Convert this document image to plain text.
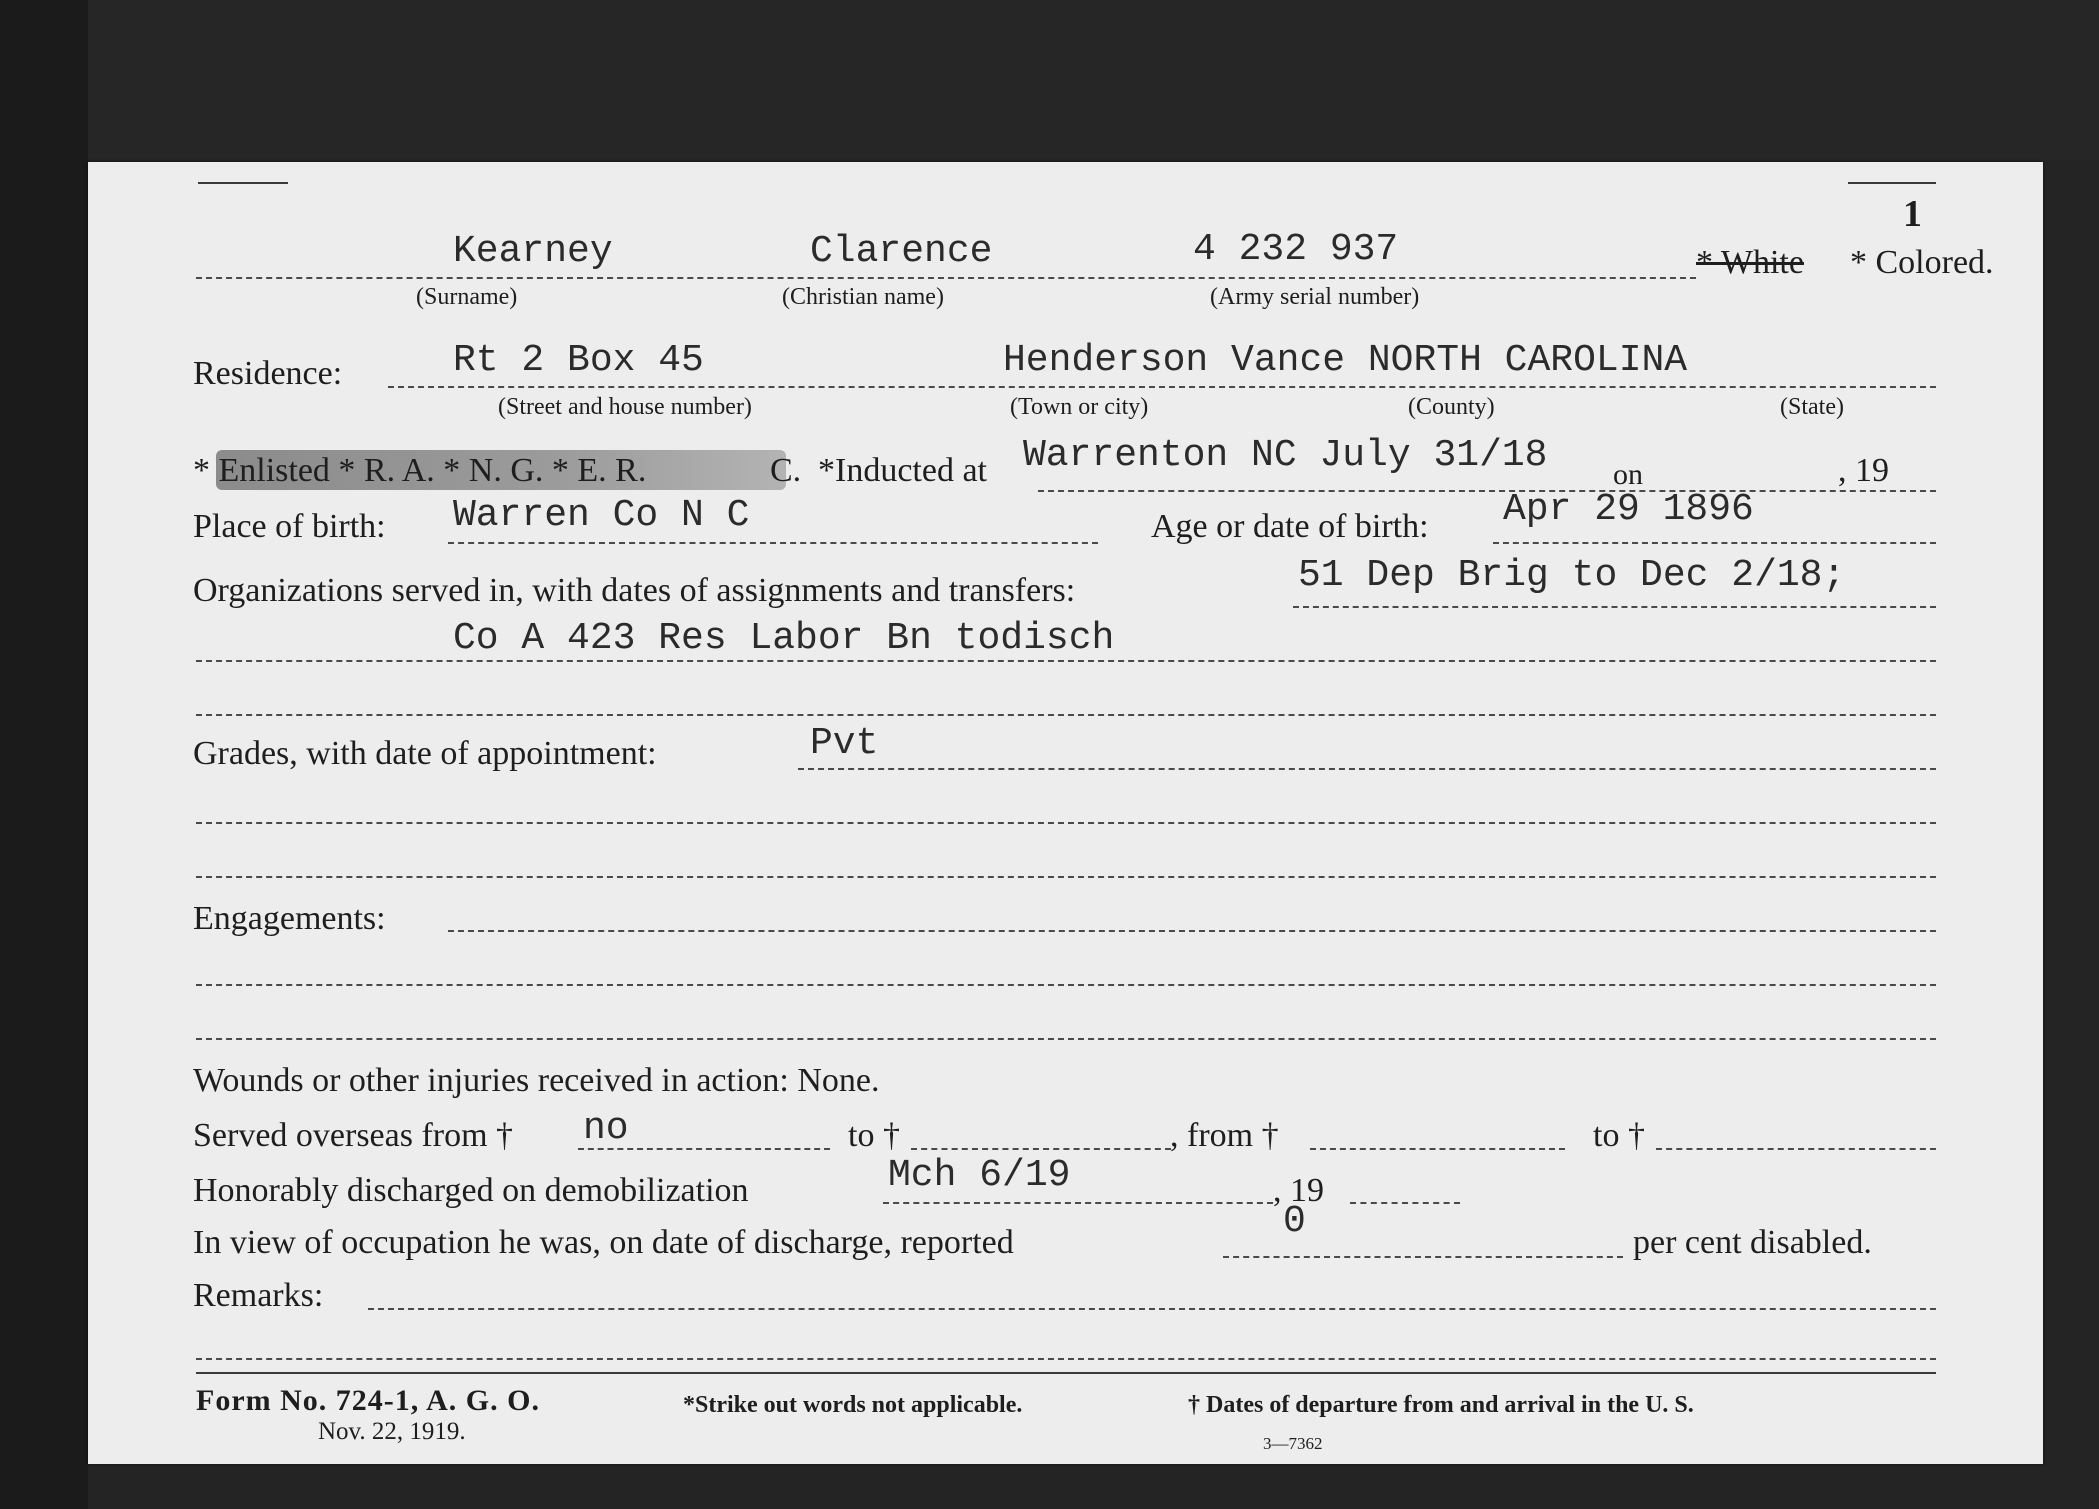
1
Kearney	Clarence	4 232 937	* White * Colored.
(Surname)	(Christian name)	(Army serial number)
Residence:	Rt 2 Box 45	Henderson Vance NORTH CAROLINA
(Street and house number)	(Town or city)	(County)	(State)
* Enlisted * R. A. * N. G. * E. R.	C. *Inducted at Warrenton NC July 31/18 on	, 19
Place of birth: Warren Co N C	Age or date of birth: Apr 29 1896
Organizations served in, with dates of assignments and transfers:	51 Dep Brig to Dec 2/18;
Co A 423 Res Labor Bn todisch
Grades, with date of appointment:	Pvt
Engagements:
Wounds or other injuries received in action: None.
Served overseas from † no	to †	, from †	to †
Honorably discharged on demobilization	Mch 6/19	, 19
In view of occupation he was, on date of discharge, reported	0	per cent disabled.
Remarks:
Form No. 724-1, A. G. O.
Nov. 22, 1919.
*Strike out words not applicable.	† Dates of departure from and arrival in the U. S.
3—7362
